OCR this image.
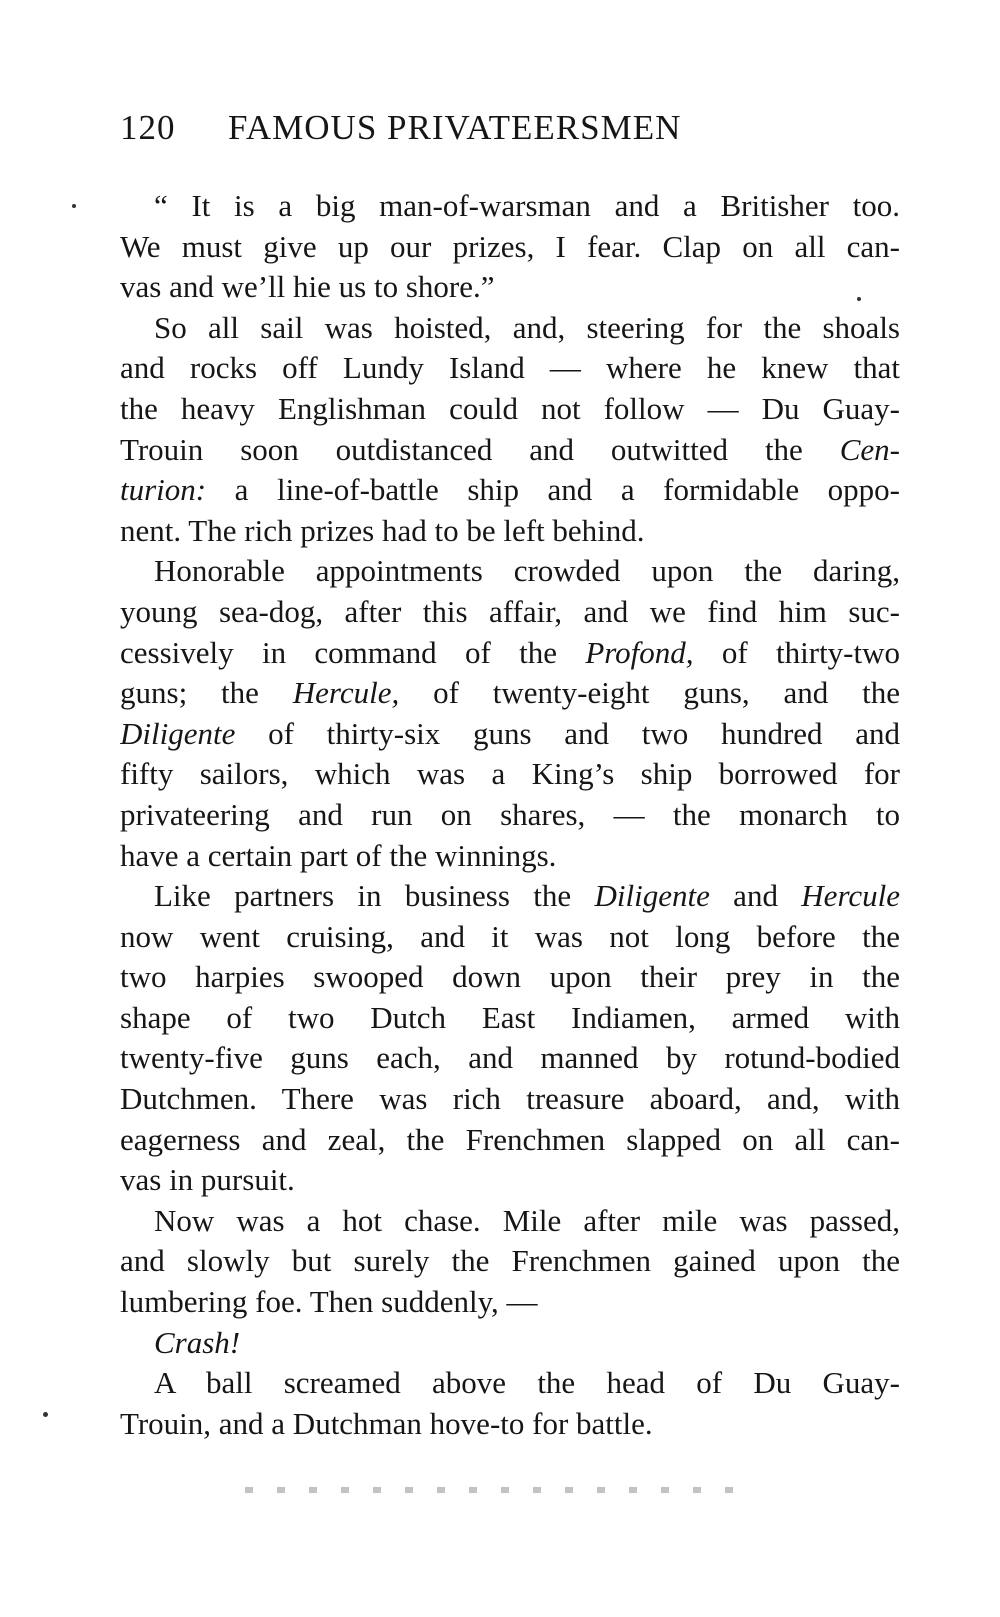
120 FAMOUS PRIVATEERSMEN
“ It is a big man-of-warsman and a Britisher too.
We must give up our prizes, I fear. Clap on all can-
vas and we’ll hie us to shore.”
So all sail was hoisted, and, steering for the shoals
and rocks off Lundy Island — where he knew that
the heavy Englishman could not follow — Du Guay-
Trouin soon outdistanced and outwitted the Cen-
turion: a line-of-battle ship and a formidable oppo-
nent. The rich prizes had to be left behind.
Honorable appointments crowded upon the daring,
young sea-dog, after this affair, and we find him suc-
cessively in command of the Profond, of thirty-two
guns; the Hercule, of twenty-eight guns, and the
Diligente of thirty-six guns and two hundred and
fifty sailors, which was a King’s ship borrowed for
privateering and run on shares, — the monarch to
have a certain part of the winnings.
Like partners in business the Diligente and Hercule
now went cruising, and it was not long before the
two harpies swooped down upon their prey in the
shape of two Dutch East Indiamen, armed with
twenty-five guns each, and manned by rotund-bodied
Dutchmen. There was rich treasure aboard, and, with
eagerness and zeal, the Frenchmen slapped on all can-
vas in pursuit.
Now was a hot chase. Mile after mile was passed,
and slowly but surely the Frenchmen gained upon the
lumbering foe. Then suddenly, —
Crash!
A ball screamed above the head of Du Guay-
Trouin, and a Dutchman hove-to for battle.
